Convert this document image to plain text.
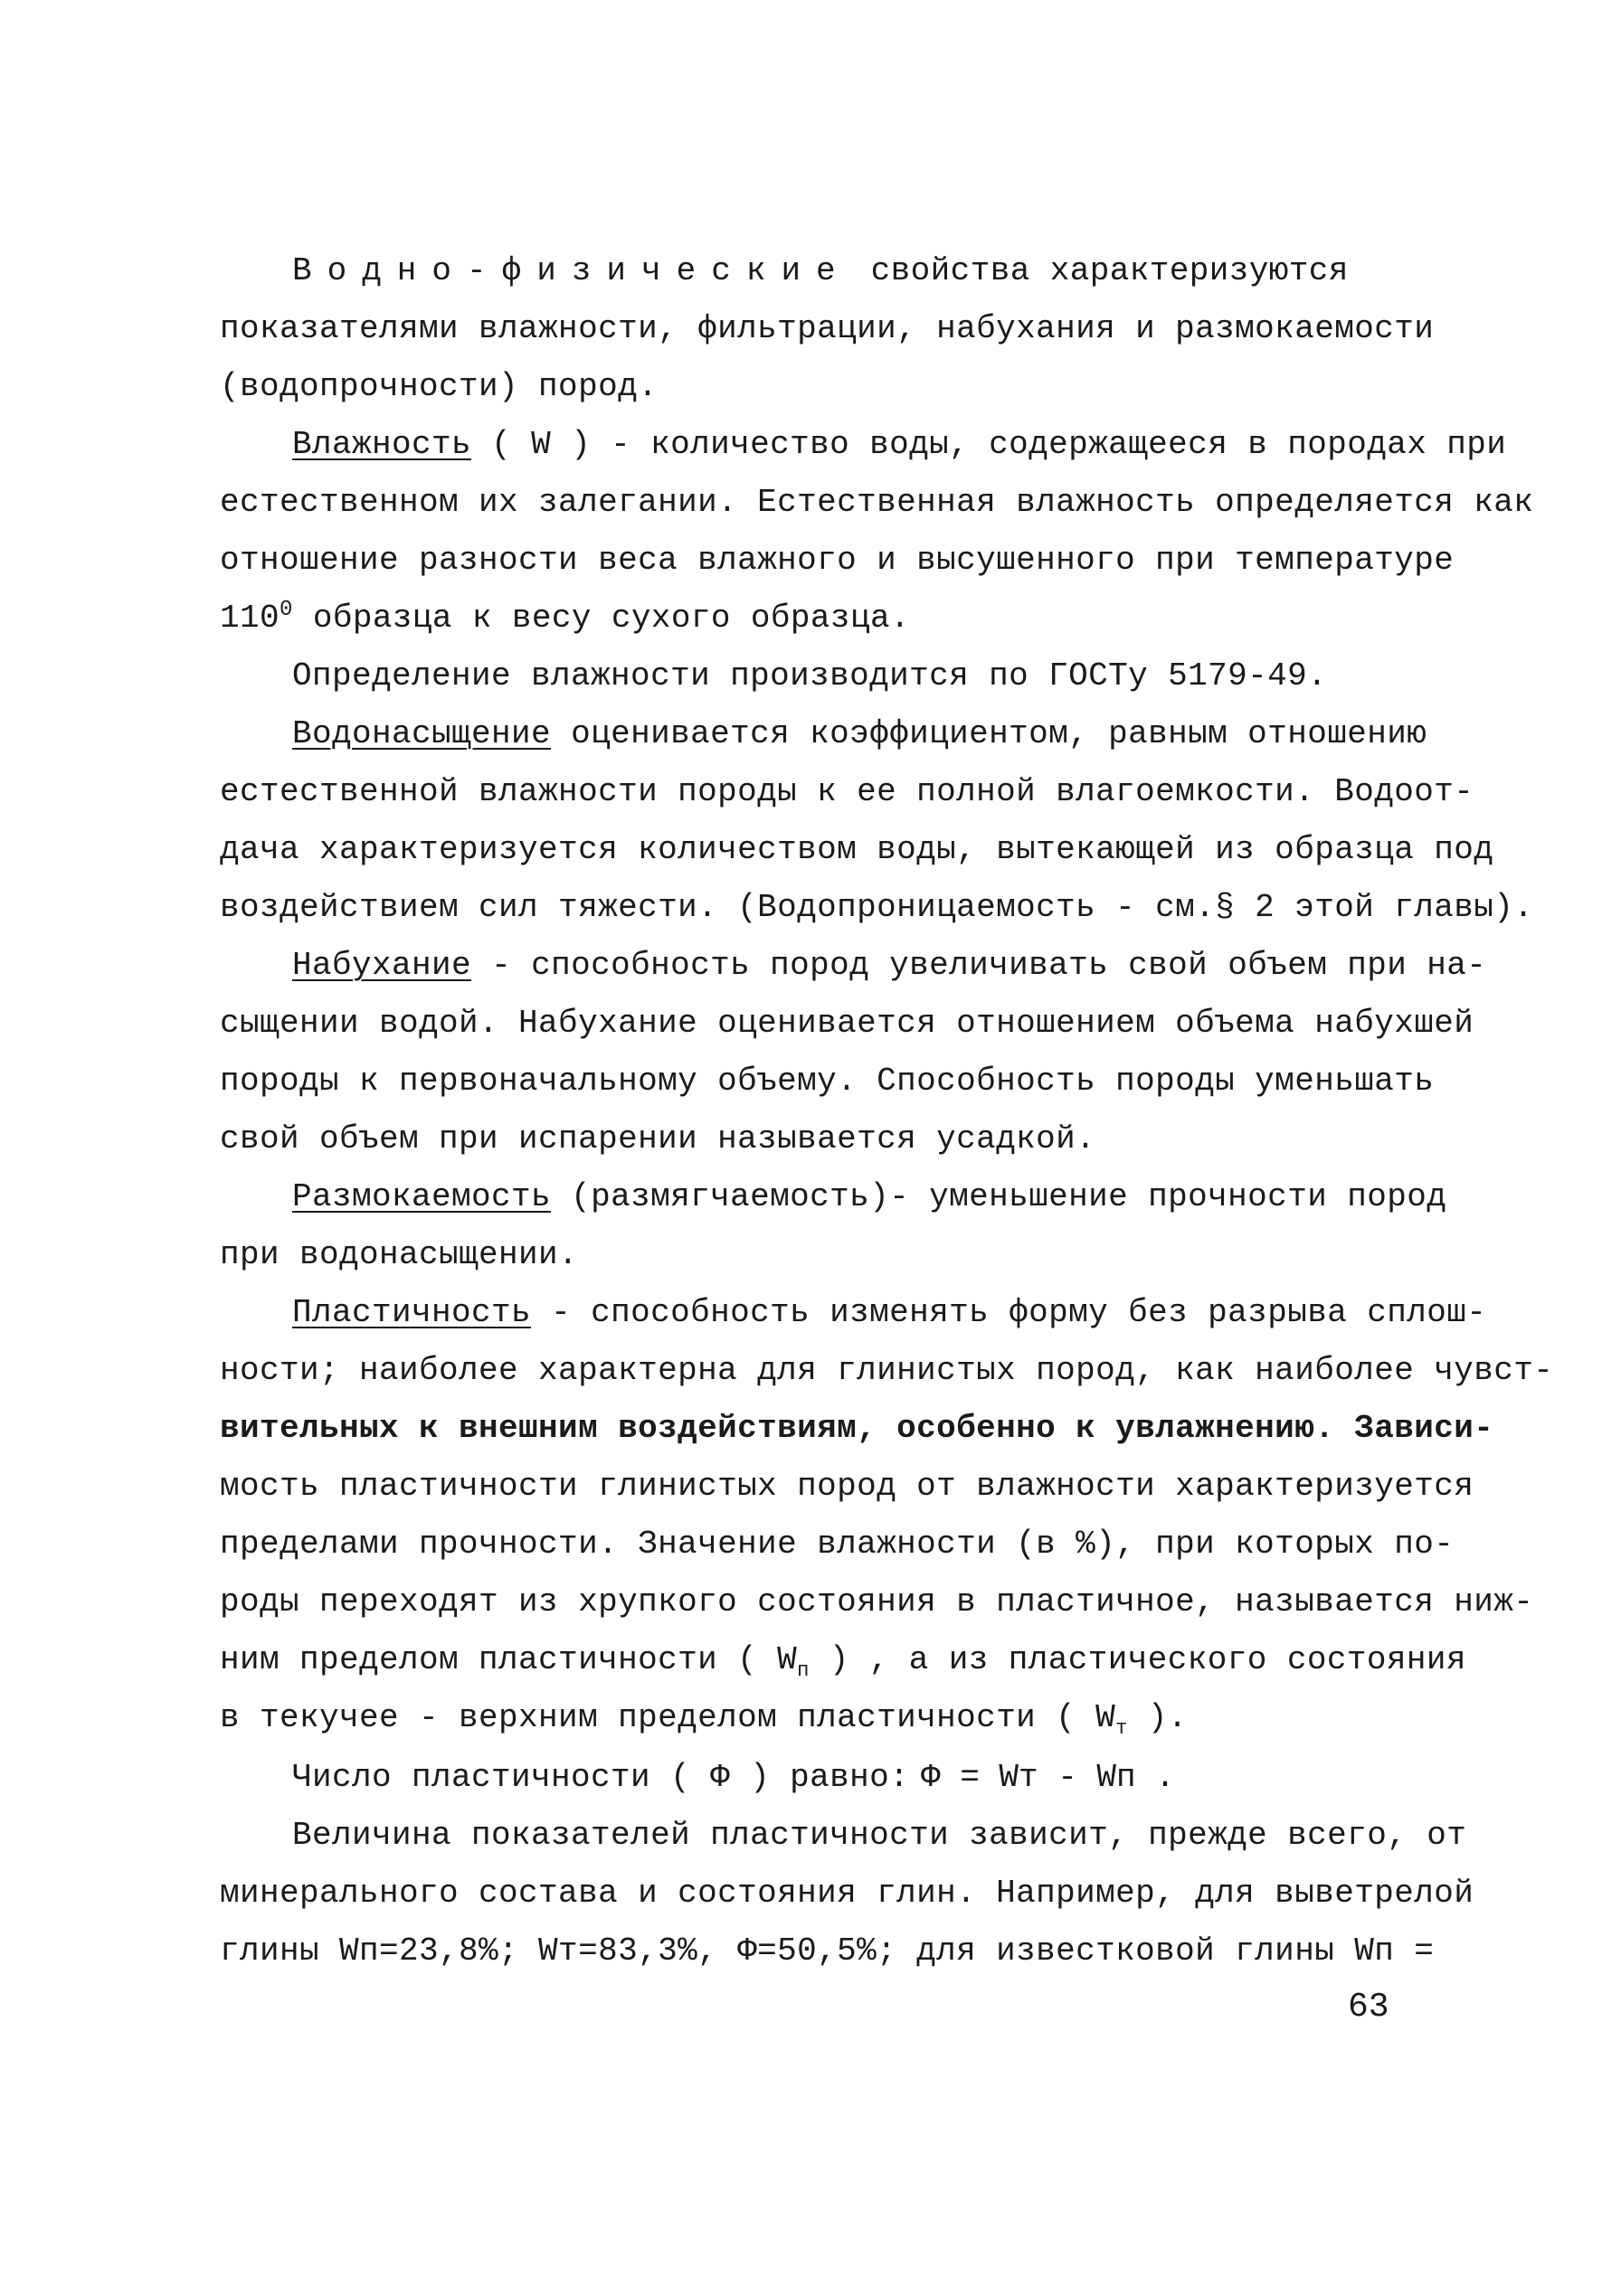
Водно-физические свойства характеризуются
показателями влажности, фильтрации, набухания и размокаемости
(водопрочности) пород.
Влажность ( W ) - количество воды, содержащееся в породах при
естественном их залегании. Естественная влажность определяется как
отношение разности веса влажного и высушенного при температуре
$110^0$ образца к весу сухого образца.
Определение влажности производится по ГОСТу 5179-49.
Водонасыщение оценивается коэффициентом, равным отношению
естественной влажности породы к ее полной влагоемкости. Водоот-
дача характеризуется количеством воды, вытекающей из образца под
воздействием сил тяжести. (Водопроницаемость - см.§ 2 этой главы).
Набухание - способность пород увеличивать свой объем при на-
сыщении водой. Набухание оценивается отношением объема набухшей
породы к первоначальному объему. Способность породы уменьшать
свой объем при испарении называется усадкой.
Размокаемость (размягчаемость)- уменьшение прочности пород
при водонасыщении.
Пластичность - способность изменять форму без разрыва сплош-
ности; наиболее характерна для глинистых пород, как наиболее чувст-
вительных к внешним воздействиям, особенно к увлажнению. Зависи-
мость пластичности глинистых пород от влажности характеризуется
пределами прочности. Значение влажности (в %), при которых по-
роды переходят из хрупкого состояния в пластичное, называется ниж-
ним пределом пластичности ( $W_п$ ) , а из пластического состояния
в текучее - верхним пределом пластичности ( $W_т$ ).
Число пластичности ( Ф ) равно: Ф = Wт - Wп .
Величина показателей пластичности зависит, прежде всего, от
минерального состава и состояния глин. Например, для выветрелой
глины Wп=23,8%; Wт=83,3%, Ф=50,5%; для известковой глины Wп =
63
